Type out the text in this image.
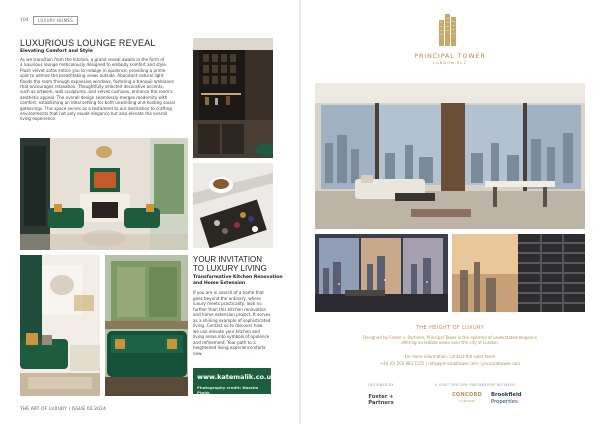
104	LUXURY HOMES
LUXURIOUS LOUNGE REVEAL
Elevating Comfort and Style
As we transition from the kitchen, a grand reveal awaits in the form of
a luxurious lounge meticulously designed to embody comfort and style.
Plush velvet sofas entice you to indulge in opulence, providing a prime
spot to admire the breathtaking views outside. Abundant natural light
floods the room through expansive windows, fostering a tranquil ambiance
that encourages relaxation. Thoughtfully selected decorative accents,
such as artwork, wall sculptures, and velvet cushions, enhance the room's
aesthetic appeal. The overall design seamlessly merges modernity with
comfort, establishing an ideal setting for both unwinding and hosting social
gatherings. This space serves as a testament to our dedication to crafting
environments that not only exude elegance but also elevate the overall
living experience.
YOUR INVITATION
TO LUXURY LIVING
Transformative Kitchen Renovation
and Home Extension
If you are in search of a home that
goes beyond the ordinary, where
luxury meets practicality, look no
further than this kitchen renovation
and home extension project. It serves
as a shining example of sophisticated
living. Contact us to discover how
we can elevate your kitchen and
living areas into symbols of opulence
and refinement. Your path to a
heightened living experience starts
now.
www.katemalik.co.uk
Photography credit: Nassim Ptahk
THE ART OF LUXURY | ISSUE 02 2024
PRINCIPAL TOWER
LONDON EC2
THE HEIGHT OF LUXURY
Designed by Foster + Partners, Principal Tower is the epitome of understated elegance
offering incredible views over the city of London.
For more information, contact the sales team
+44 (0) 203 883 1555 | info@principaltower.com | principaltower.com
DESIGNED BY
Foster + Partners
A JOINT VENTURE PARTNERSHIP BETWEEN
CONCORD
LONDON
Brookfield
Properties
